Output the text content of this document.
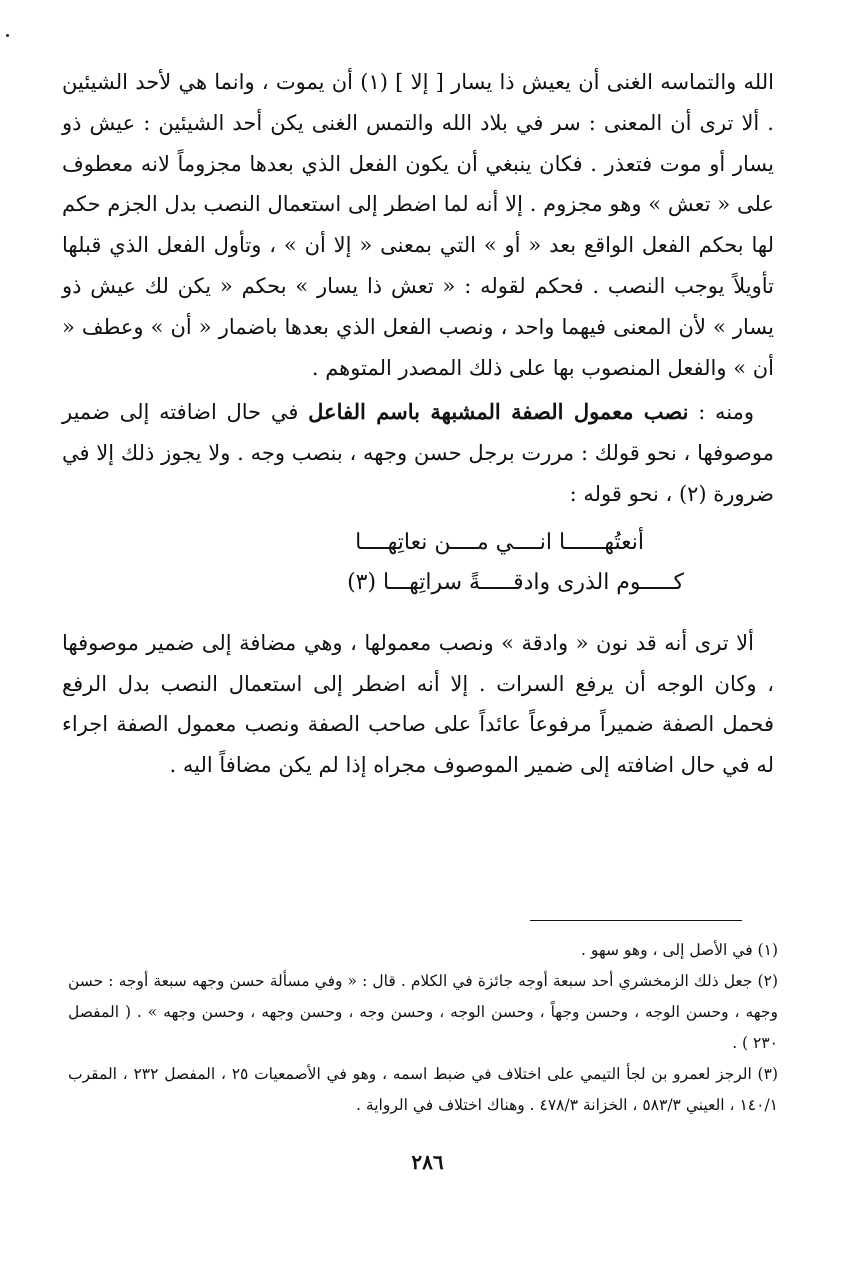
الله والتماسه الغنى أن يعيش ذا يسار [ إلا ] (١) أن يموت ، وانما هي لأحد الشيئين . ألا ترى أن المعنى : سر في بلاد الله والتمس الغنى يكن أحد الشيئين : عيش ذو يسار أو موت فتعذر . فكان ينبغي أن يكون الفعل الذي بعدها مجزوماً لانه معطوف على « تعش » وهو مجزوم . إلا أنه لما اضطر إلى استعمال النصب بدل الجزم حكم لها بحكم الفعل الواقع بعد « أو » التي بمعنى « إلا أن » ، وتأول الفعل الذي قبلها تأويلاً يوجب النصب . فحكم لقوله : « تعش ذا يسار » بحكم « يكن لك عيش ذو يسار » لأن المعنى فيهما واحد ، ونصب الفعل الذي بعدها باضمار « أن » وعطف « أن » والفعل المنصوب بها على ذلك المصدر المتوهم .

ومنه : نصب معمول الصفة المشبهة باسم الفاعل في حال اضافته إلى ضمير موصوفها ، نحو قولك : مررت برجل حسن وجهه ، بنصب وجه . ولا يجوز ذلك إلا في ضرورة (٢) ، نحو قوله :

أنعتُهــــــا انــــي مــــن نعاتِهــــا
كـــــوم الذرى وادقـــــةً سراتِهـــا (٣)

ألا ترى أنه قد نون « وادقة » ونصب معمولها ، وهي مضافة إلى ضمير موصوفها ، وكان الوجه أن يرفع السرات . إلا أنه اضطر إلى استعمال النصب بدل الرفع فحمل الصفة ضميراً مرفوعاً عائداً على صاحب الصفة ونصب معمول الصفة اجراء له في حال اضافته إلى ضمير الموصوف مجراه إذا لم يكن مضافاً اليه .

(١) في الأصل إلى ، وهو سهو .

(٢) جعل ذلك الزمخشري أحد سبعة أوجه جائزة في الكلام . قال : « وفي مسألة حسن وجهه سبعة أوجه : حسن وجهه ، وحسن الوجه ، وحسن وجهاً ، وحسن الوجه ، وحسن وجه ، وحسن وجهه ، وحسن وجهه » . ( المفصل ٢٣٠ ) .

(٣) الرجز لعمرو بن لجأ التيمي على اختلاف في ضبط اسمه ، وهو في الأصمعيات ٢٥ ، المفصل ٢٣٢ ، المقرب ١٤٠/١ ، العيني ٥٨٣/٣ ، الخزانة ٤٧٨/٣ . وهناك اختلاف في الرواية .

٢٨٦
